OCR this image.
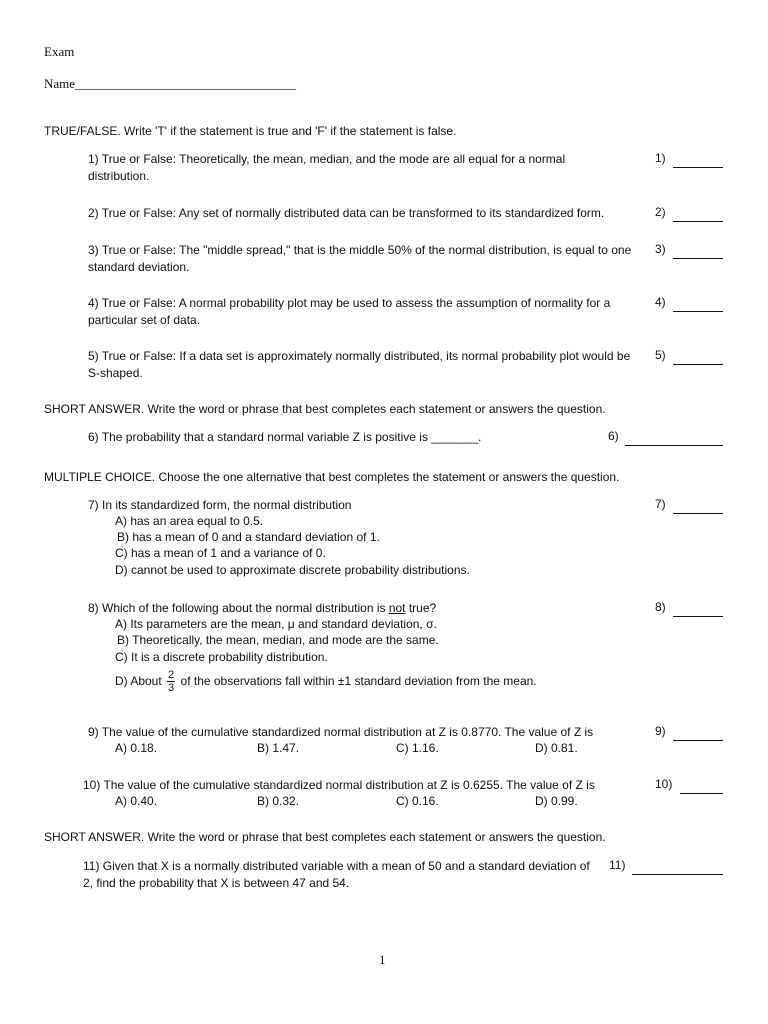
Exam
Name__________________________________
TRUE/FALSE. Write 'T' if the statement is true and 'F' if the statement is false.
1) True or False: Theoretically, the mean, median, and the mode are all equal for a normal distribution.
1)
2) True or False: Any set of normally distributed data can be transformed to its standardized form.	2)
3) True or False: The "middle spread," that is the middle 50% of the normal distribution, is equal to one standard deviation.
3)
4) True or False: A normal probability plot may be used to assess the assumption of normality for a particular set of data.
4)
5) True or False: If a data set is approximately normally distributed, its normal probability plot would be S-shaped.
5)
SHORT ANSWER. Write the word or phrase that best completes each statement or answers the question.
6) The probability that a standard normal variable Z is positive is _______.	6)
MULTIPLE CHOICE. Choose the one alternative that best completes the statement or answers the question.
7) In its standardized form, the normal distribution	7)
A) has an area equal to 0.5.
B) has a mean of 0 and a standard deviation of 1.
C) has a mean of 1 and a variance of 0.
D) cannot be used to approximate discrete probability distributions.
8) Which of the following about the normal distribution is not true?	8)
A) Its parameters are the mean, μ and standard deviation, σ.
B) Theoretically, the mean, median, and mode are the same.
C) It is a discrete probability distribution.
D) About $\frac{2}{3}$ of the observations fall within ±1 standard deviation from the mean.
9) The value of the cumulative standardized normal distribution at Z is 0.8770. The value of Z is	9)
A) 0.18.	B) 1.47.	C) 1.16.	D) 0.81.
10) The value of the cumulative standardized normal distribution at Z is 0.6255. The value of Z is	10)
A) 0.40.	B) 0.32.	C) 0.16.	D) 0.99.
SHORT ANSWER. Write the word or phrase that best completes each statement or answers the question.
11) Given that X is a normally distributed variable with a mean of 50 and a standard deviation of 2, find the probability that X is between 47 and 54.
11)
1
